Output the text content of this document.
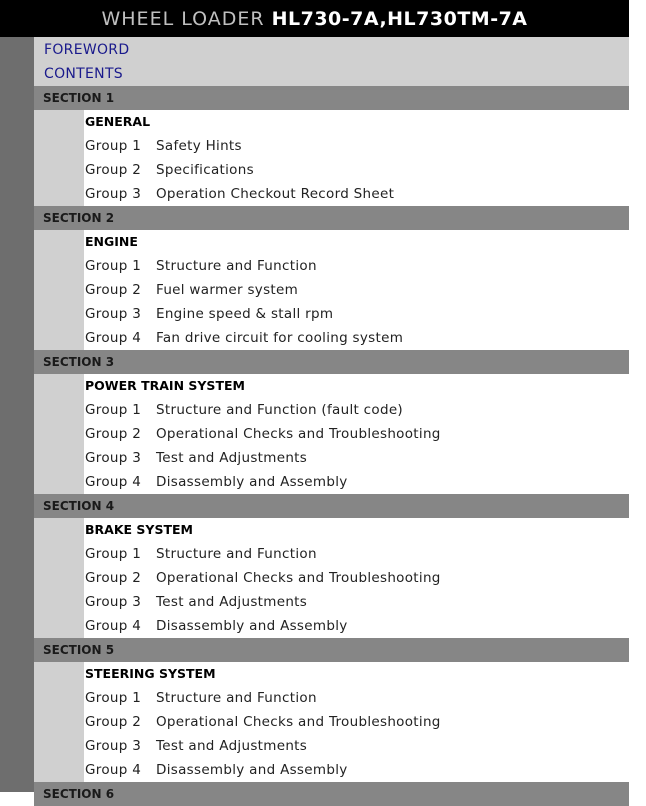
WHEEL LOADER HL730-7A,HL730TM-7A
FOREWORD
CONTENTS
SECTION 1
GENERAL
Group 1 Safety Hints
Group 2 Specifications
Group 3 Operation Checkout Record Sheet
SECTION 2
ENGINE
Group 1 Structure and Function
Group 2 Fuel warmer system
Group 3 Engine speed & stall rpm
Group 4 Fan drive circuit for cooling system
SECTION 3
POWER TRAIN SYSTEM
Group 1 Structure and Function (fault code)
Group 2 Operational Checks and Troubleshooting
Group 3 Test and Adjustments
Group 4 Disassembly and Assembly
SECTION 4
BRAKE SYSTEM
Group 1 Structure and Function
Group 2 Operational Checks and Troubleshooting
Group 3 Test and Adjustments
Group 4 Disassembly and Assembly
SECTION 5
STEERING SYSTEM
Group 1 Structure and Function
Group 2 Operational Checks and Troubleshooting
Group 3 Test and Adjustments
Group 4 Disassembly and Assembly
SECTION 6
